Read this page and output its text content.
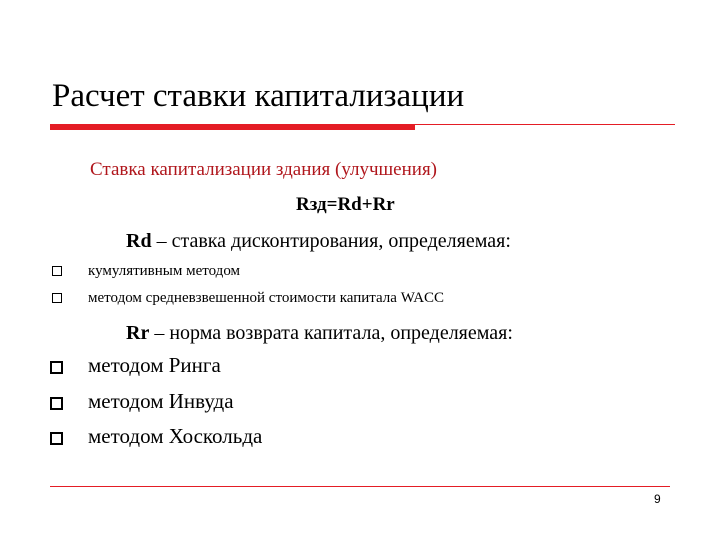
Расчет ставки капитализации
Ставка капитализации здания (улучшения)
Rзд=Rd+Rr
Rd – ставка дисконтирования, определяемая:
кумулятивным методом
методом средневзвешенной стоимости капитала WACC
Rr – норма возврата капитала, определяемая:
методом Ринга
методом Инвуда
методом Хоскольда
9
